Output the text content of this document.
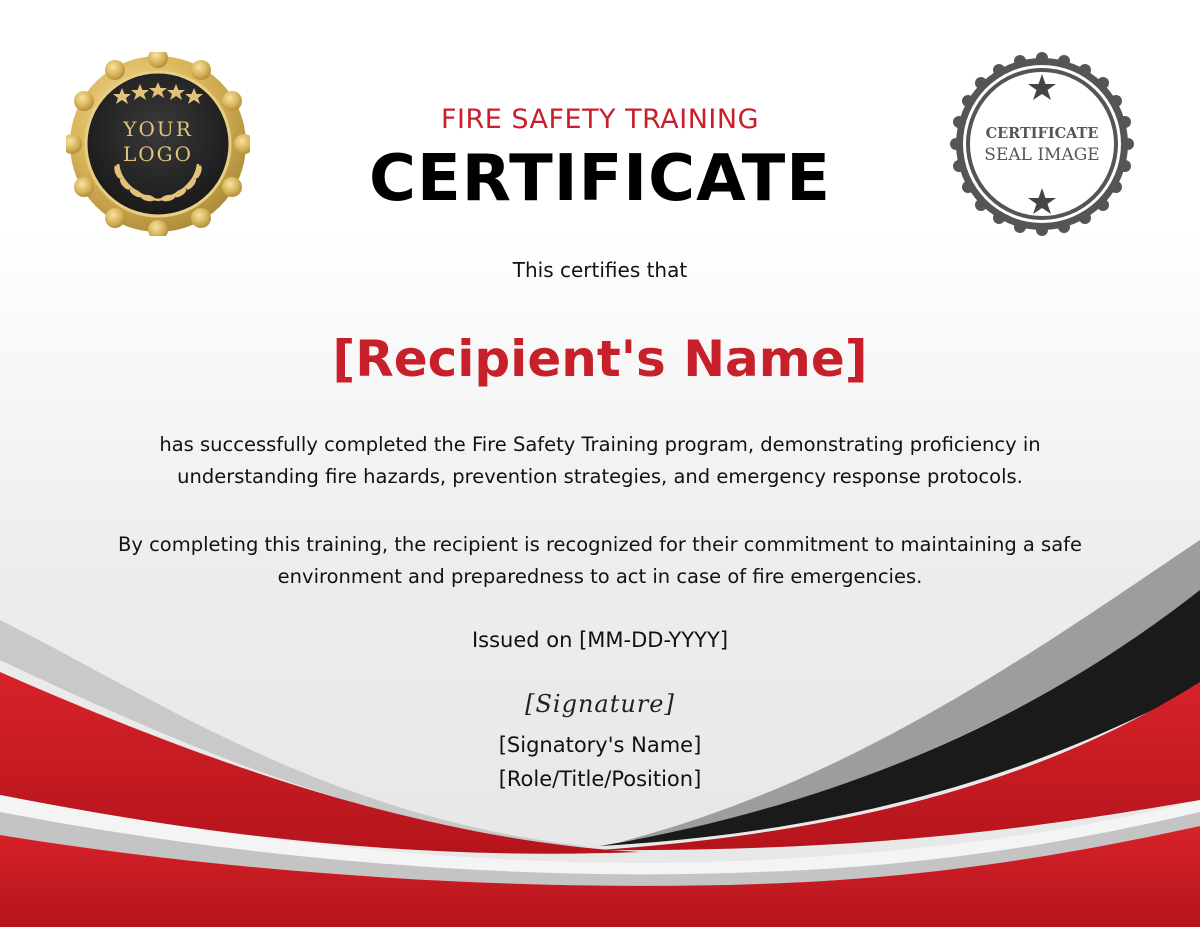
YOUR
LOGO
CERTIFICATE
SEAL IMAGE
FIRE SAFETY TRAINING
CERTIFICATE
This certifies that
[Recipient's Name]
has successfully completed the Fire Safety Training program, demonstrating proficiency in
understanding fire hazards, prevention strategies, and emergency response protocols.
By completing this training, the recipient is recognized for their commitment to maintaining a safe
environment and preparedness to act in case of fire emergencies.
Issued on [MM-DD-YYYY]
[Signature]
[Signatory's Name]
[Role/Title/Position]
